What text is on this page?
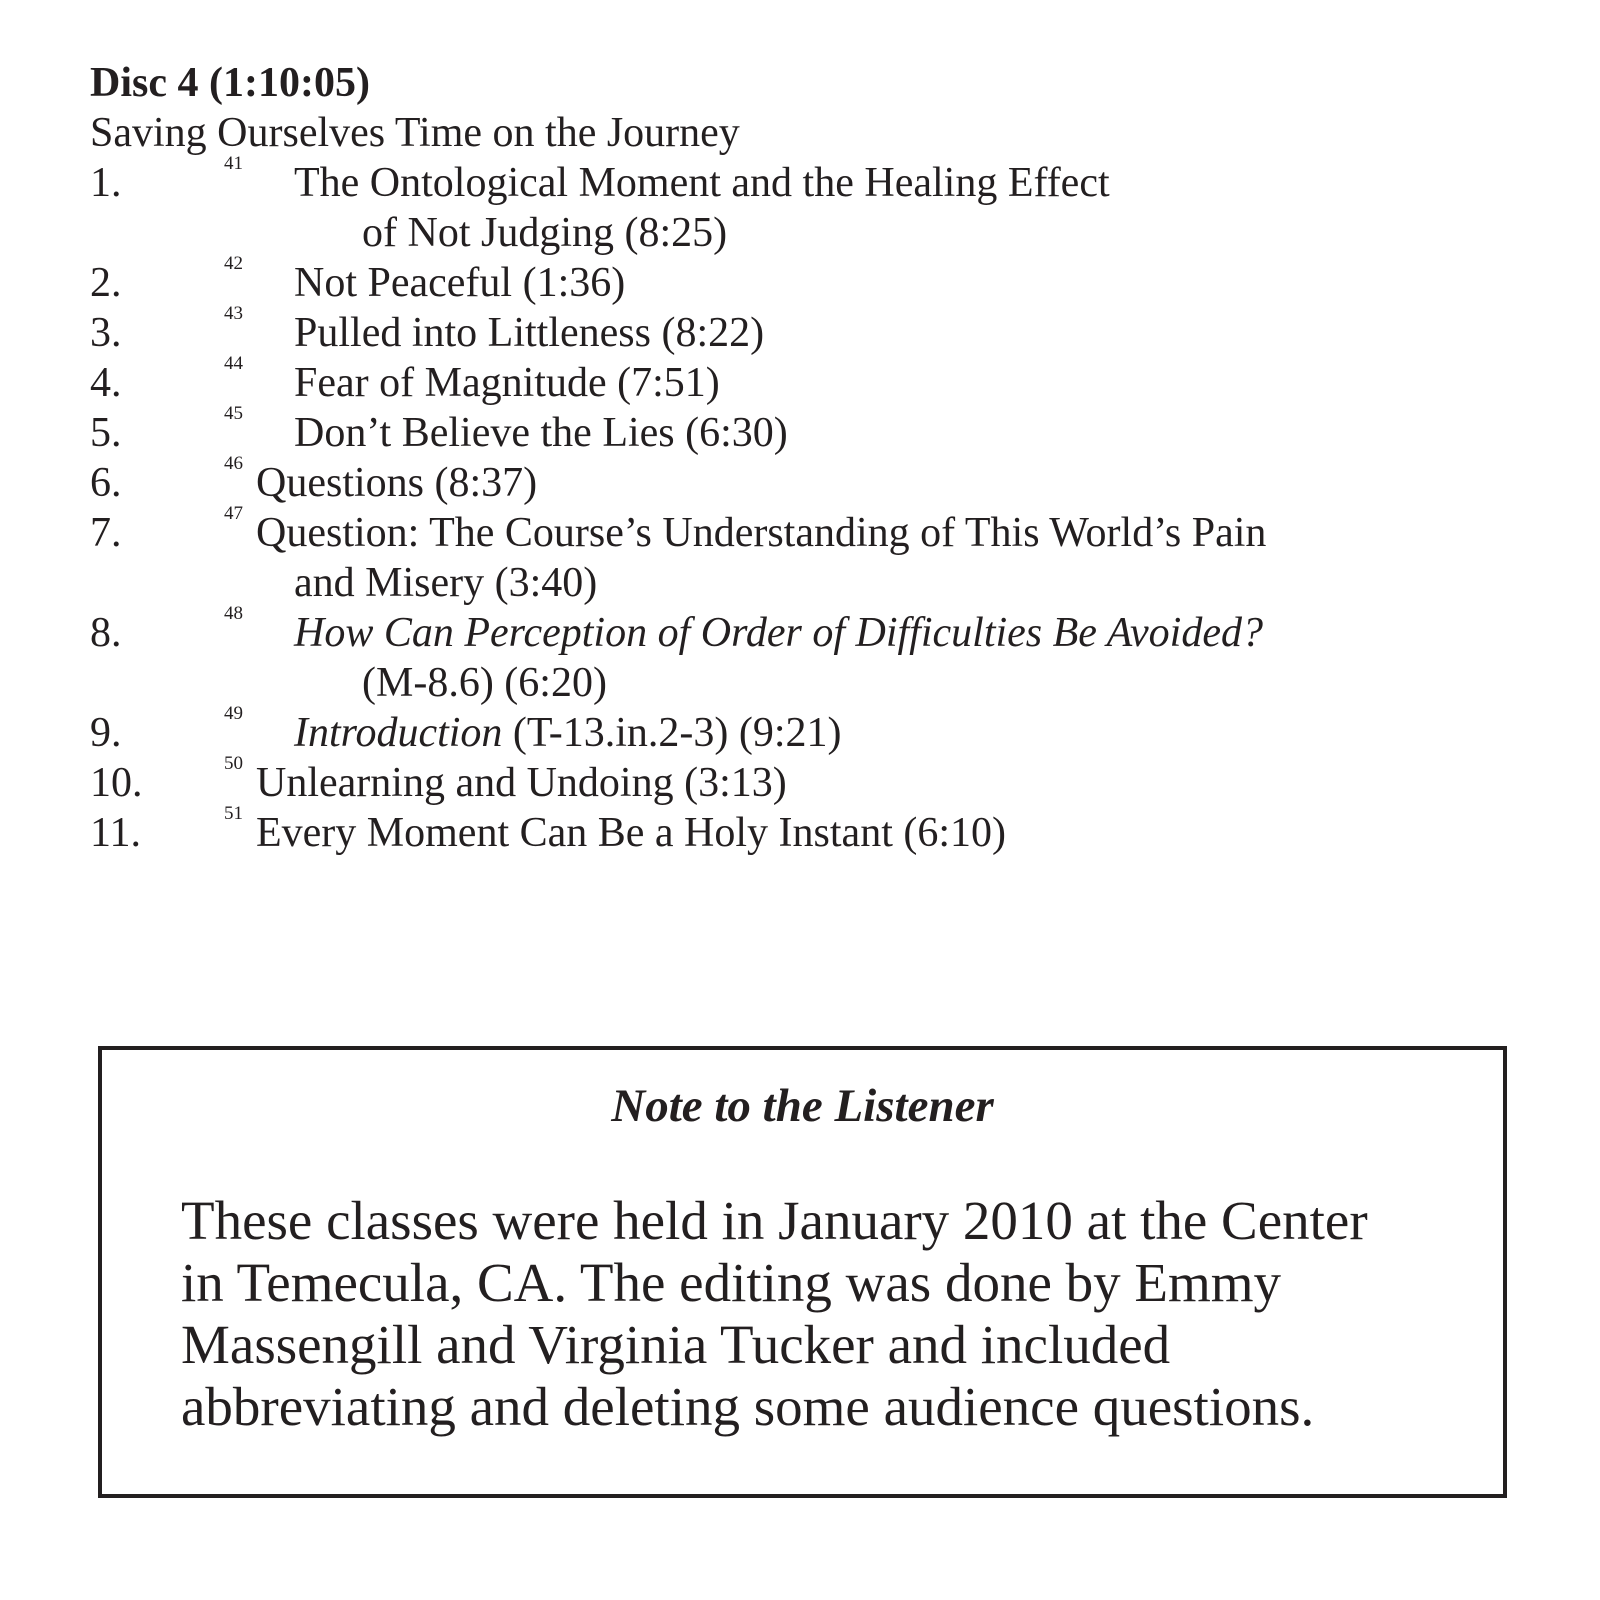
Disc 4 (1:10:05)

Saving Ourselves Time on the Journey

1.	41 The Ontological Moment and the Healing Effect
of Not Judging (8:25)
2.	42 Not Peaceful (1:36)
3.	43 Pulled into Littleness (8:22)
4.	44 Fear of Magnitude (7:51)
5.	45 Don’t Believe the Lies (6:30)
6.	46 Questions (8:37)
7.	47 Question: The Course’s Understanding of This World’s Pain
and Misery (3:40)
8.	48 How Can Perception of Order of Difficulties Be Avoided?
(M-8.6) (6:20)
9.	49 Introduction (T-13.in.2-3) (9:21)
10.	50 Unlearning and Undoing (3:13)
11.	51 Every Moment Can Be a Holy Instant (6:10)

Note to the Listener

These classes were held in January 2010 at the Center
in Temecula, CA. The editing was done by Emmy
Massengill and Virginia Tucker and included
abbreviating and deleting some audience questions.
